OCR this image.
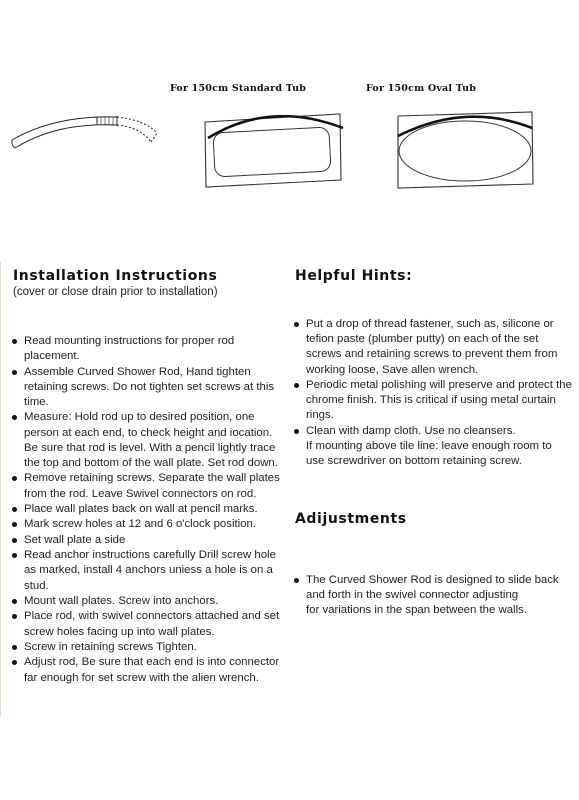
For 150cm Standard Tub	For 150cm Oval Tub
Installation Instructions
(cover or close drain prior to installation)
Read mounting instructions for proper rod placement.
Assemble Curved Shower Rod, Hand tighten retaining screws. Do not tighten set screws at this time.
Measure: Hold rod up to desired position, one person at each end, to check height and iocation. Be sure that rod is level. With a pencil lightly trace the top and bottom of the wall plate. Set rod down.
Remove retaining screws. Separate the wall plates from the rod. Leave Swivel connectors on rod.
Place wall plates back on wall at pencil marks.
Mark screw holes at 12 and 6 o'clock position.
Set wall plate a side
Read anchor instructions carefully Drill screw hole as marked, install 4 anchors uniess a hole is on a stud.
Mount wall plates. Screw into anchors.
Place rod, with swivel connectors attached and set screw holes facing up into wall plates.
Screw in retaining screws Tighten.
Adjust rod, Be sure that each end is into connector far enough for set screw with the alien wrench.
Helpful Hints:
Put a drop of thread fastener, such as, silicone or tefion paste (plumber putty) on each of the set screws and retaining screws to prevent them from working loose, Save allen wrench.
Periodic metal polishing will preserve and protect the chrome finish. This is critical if using metal curtain rings.
Clean with damp cloth. Use no cleansers.
If mounting above tile line: leave enough room to use screwdriver on bottom retaining screw.
Adijustments
The Curved Shower Rod is designed to slide back and forth in the swivel connector adjusting
for variations in the span between the walls.
